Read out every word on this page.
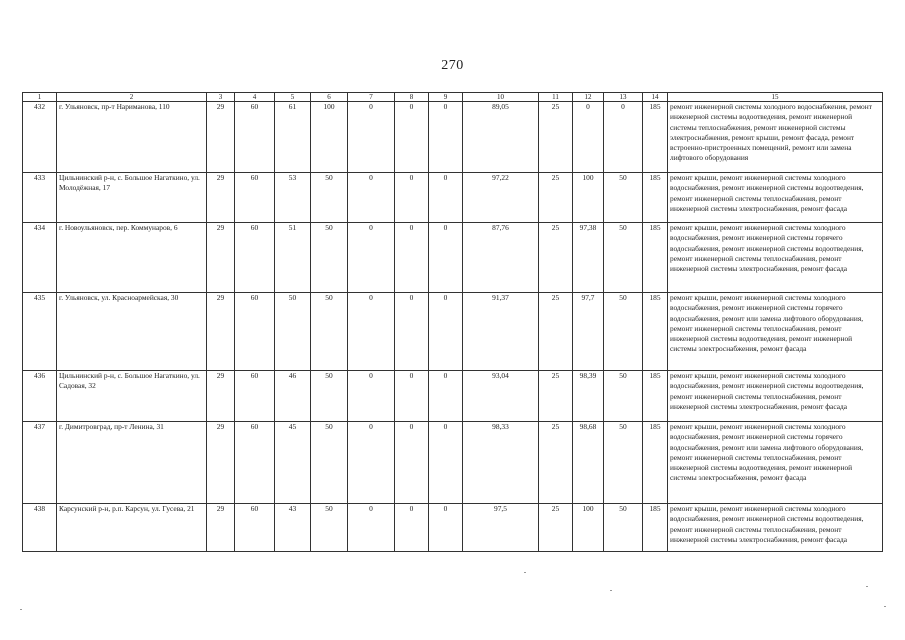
270
1	2	3	4	5	6	7	8	9	10	11	12	13	14	15
432	г. Ульяновск, пр-т Нариманова, 110	29	60	61	100	0	0	0	89,05	25	0	0	185	ремонт инженерной системы холодного водоснабжения, ремонт инженерной системы водоотведения, ремонт инженерной системы теплоснабжения, ремонт инженерной системы электроснабжения, ремонт крыши, ремонт фасада, ремонт встроенно-пристроенных помещений, ремонт или замена лифтового оборудования
433	Цильнинский р-н, с. Большое Нагаткино, ул. Молодёжная, 17	29	60	53	50	0	0	0	97,22	25	100	50	185	ремонт крыши, ремонт инженерной системы холодного водоснабжения, ремонт инженерной системы водоотведения, ремонт инженерной системы теплоснабжения, ремонт инженерной системы электроснабжения, ремонт фасада
434	г. Новоульяновск, пер. Коммунаров, 6	29	60	51	50	0	0	0	87,76	25	97,38	50	185	ремонт крыши, ремонт инженерной системы холодного водоснабжения, ремонт инженерной системы горячего водоснабжения, ремонт инженерной системы водоотведения, ремонт инженерной системы теплоснабжения, ремонт инженерной системы электроснабжения, ремонт фасада
435	г. Ульяновск, ул. Красноармейская, 30	29	60	50	50	0	0	0	91,37	25	97,7	50	185	ремонт крыши, ремонт инженерной системы холодного водоснабжения, ремонт инженерной системы горячего водоснабжения, ремонт или замена лифтового оборудования, ремонт инженерной системы теплоснабжения, ремонт инженерной системы водоотведения, ремонт инженерной системы электроснабжения, ремонт фасада
436	Цильнинский р-н, с. Большое Нагаткино, ул. Садовая, 32	29	60	46	50	0	0	0	93,04	25	98,39	50	185	ремонт крыши, ремонт инженерной системы холодного водоснабжения, ремонт инженерной системы водоотведения, ремонт инженерной системы теплоснабжения, ремонт инженерной системы электроснабжения, ремонт фасада
437	г. Димитровград, пр-т Ленина, 31	29	60	45	50	0	0	0	98,33	25	98,68	50	185	ремонт крыши, ремонт инженерной системы холодного водоснабжения, ремонт инженерной системы горячего водоснабжения, ремонт или замена лифтового оборудования, ремонт инженерной системы теплоснабжения, ремонт инженерной системы водоотведения, ремонт инженерной системы электроснабжения, ремонт фасада
438	Карсунский р-н, р.п. Карсун, ул. Гусева, 21	29	60	43	50	0	0	0	97,5	25	100	50	185	ремонт крыши, ремонт инженерной системы холодного водоснабжения, ремонт инженерной системы водоотведения, ремонт инженерной системы теплоснабжения, ремонт инженерной системы электроснабжения, ремонт фасада
